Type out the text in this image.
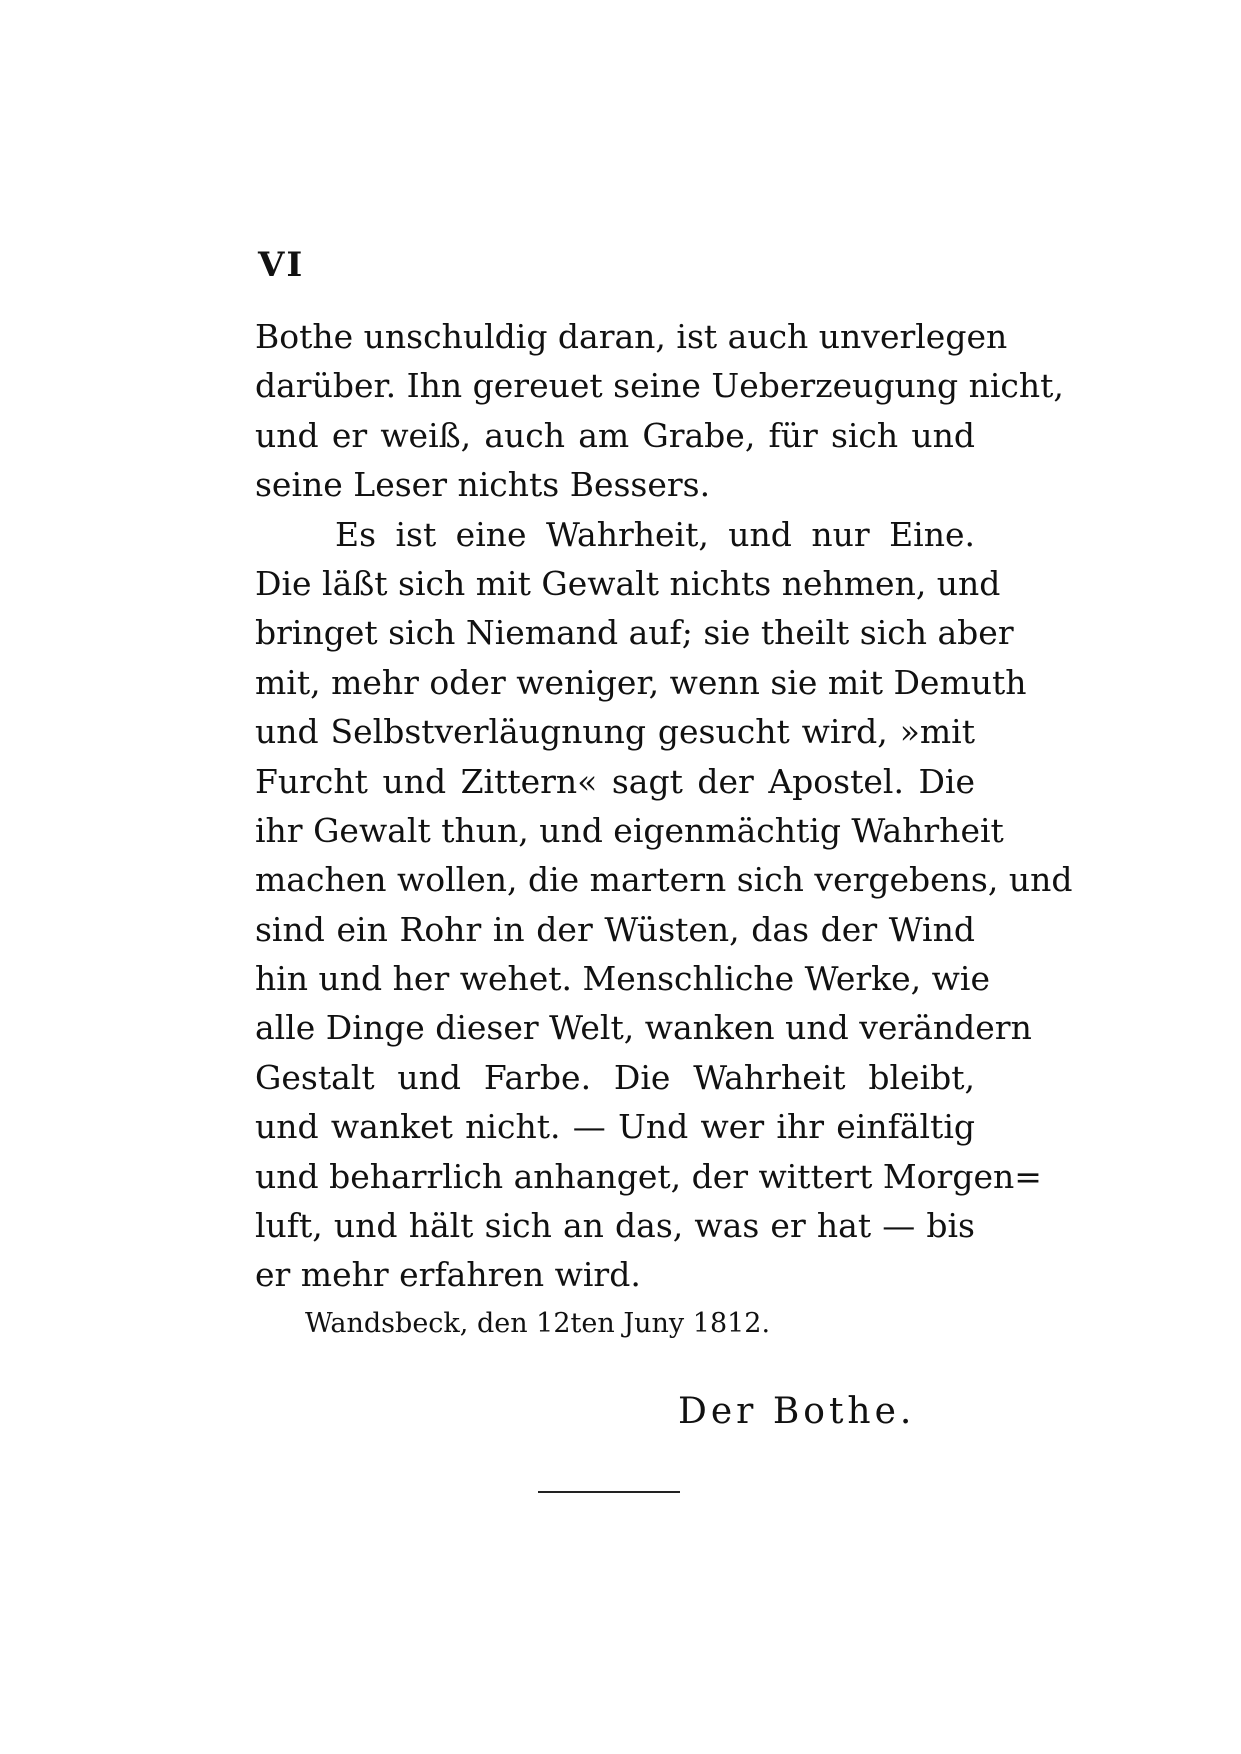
VI
Bothe unschuldig daran, ist auch unverlegen
darüber. Ihn gereuet seine Ueberzeugung nicht,
und er weiß, auch am Grabe, für sich und
seine Leser nichts Bessers.
Es ist eine Wahrheit, und nur Eine.
Die läßt sich mit Gewalt nichts nehmen, und
bringet sich Niemand auf; sie theilt sich aber
mit, mehr oder weniger, wenn sie mit Demuth
und Selbstverläugnung gesucht wird, »mit
Furcht und Zittern« sagt der Apostel. Die
ihr Gewalt thun, und eigenmächtig Wahrheit
machen wollen, die martern sich vergebens, und
sind ein Rohr in der Wüsten, das der Wind
hin und her wehet. Menschliche Werke, wie
alle Dinge dieser Welt, wanken und verändern
Gestalt und Farbe. Die Wahrheit bleibt,
und wanket nicht. — Und wer ihr einfältig
und beharrlich anhanget, der wittert Morgen=
luft, und hält sich an das, was er hat — bis
er mehr erfahren wird.
Wandsbeck, den 12ten Juny 1812.
Der Bothe.
